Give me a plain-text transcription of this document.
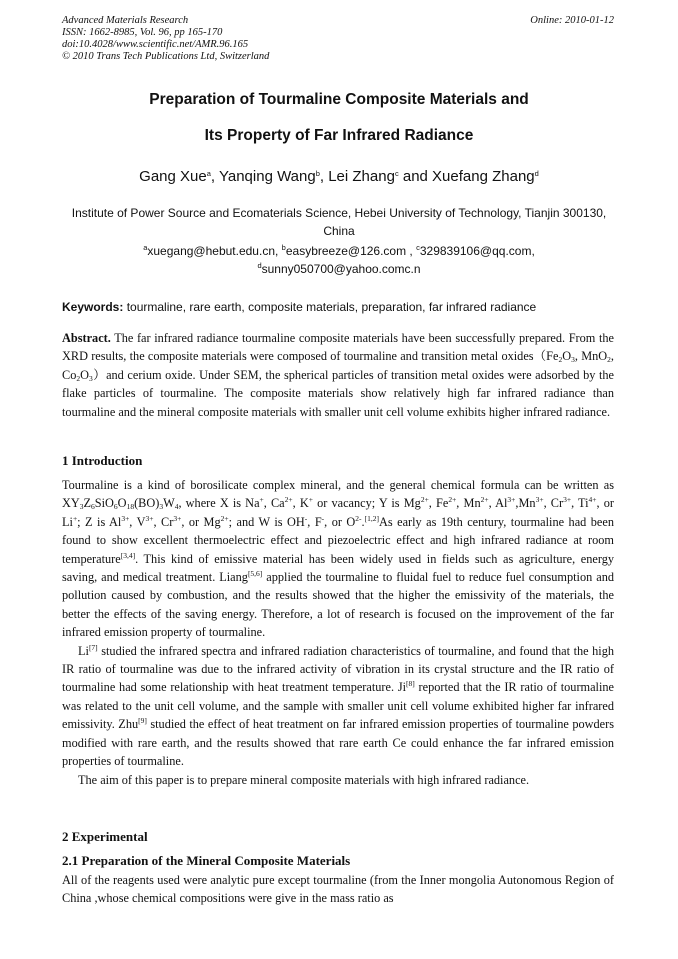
Advanced Materials Research
ISSN: 1662-8985, Vol. 96, pp 165-170
doi:10.4028/www.scientific.net/AMR.96.165
© 2010 Trans Tech Publications Ltd, Switzerland
Online: 2010-01-12
Preparation of Tourmaline Composite Materials and
Its Property of Far Infrared Radiance
Gang Xue$^a$, Yanqing Wang$^b$, Lei Zhang$^c$ and Xuefang Zhang$^d$
Institute of Power Source and Ecomaterials Science, Hebei University of Technology, Tianjin 300130, China
$^a$xuegang@hebut.edu.cn, $^b$easybreeze@126.com , $^c$329839106@qq.com,
$^d$sunny050700@yahoo.comc.n
Keywords: tourmaline, rare earth, composite materials, preparation, far infrared radiance
Abstract. The far infrared radiance tourmaline composite materials have been successfully prepared. From the XRD results, the composite materials were composed of tourmaline and transition metal $oxides(Fe_2O_3$, MnO$_2$, $Co_2O_3)and$ cerium oxide. Under SEM, the spherical particles of transition metal oxides were adsorbed by the flake particles of tourmaline. The composite materials show relatively high far infrared radiance than tourmaline and the mineral composite materials with smaller unit cell volume exhibits higher infrared radiance.
1 Introduction

Tourmaline is a kind of borosilicate complex mineral, and the general chemical formula can be written as $XY_3Z_6SiO_6O_{18}(BO)_3W_4$, where X is Na+, $Ca^{2+}$, K+ or vacancy; Y is $Mg^{2+}$, $Fe^{2+}$, $Mn^{2+}$, $Al^{3+},Mn^{3+}$, $Cr^{3+}$, $Ti^{4+}$, or Li+; Z is $Al^{3+}$, $V^{3+}$, $Cr^{3+}$, or $Mg^{2+}$; and W is OH-, F-, or $O^{2-}.[1,2]As$ early as 19th century, tourmaline had been found to show excellent thermoelectric effect and piezoelectric effect and high infrared radiance at room temperature[3,4]. This kind of emissive material has been widely used in fields such as agriculture, energy saving, and medical treatment. Liang[5,6] applied the tourmaline to fluidal fuel to reduce fuel consumption and pollution caused by combustion, and the results showed that the higher the emissivity of the materials, the better the effects of the saving energy. Therefore, a lot of research is focused on the improvement of the far infrared emission property of tourmaline.

Li[7] studied the infrared spectra and infrared radiation characteristics of tourmaline, and found that the high IR ratio of tourmaline was due to the infrared activity of vibration in its crystal structure and the IR ratio of tourmaline had some relationship with heat treatment temperature. Ji[8] reported that the IR ratio of tourmaline was related to the unit cell volume, and the sample with smaller unit cell volume exhibited higher far infrared emissivity. Zhu[9] studied the effect of heat treatment on far infrared emission properties of tourmaline powders modified with rare earth, and the results showed that rare earth Ce could enhance the far infrared emission properties of tourmaline.

The aim of this paper is to prepare mineral composite materials with high infrared radiance.

2 Experimental
2.1 Preparation of the Mineral Composite Materials
All of the reagents used were analytic pure except tourmaline (from the Inner mongolia Autonomous Region of China ,whose chemical compositions were give in the mass ratio as
